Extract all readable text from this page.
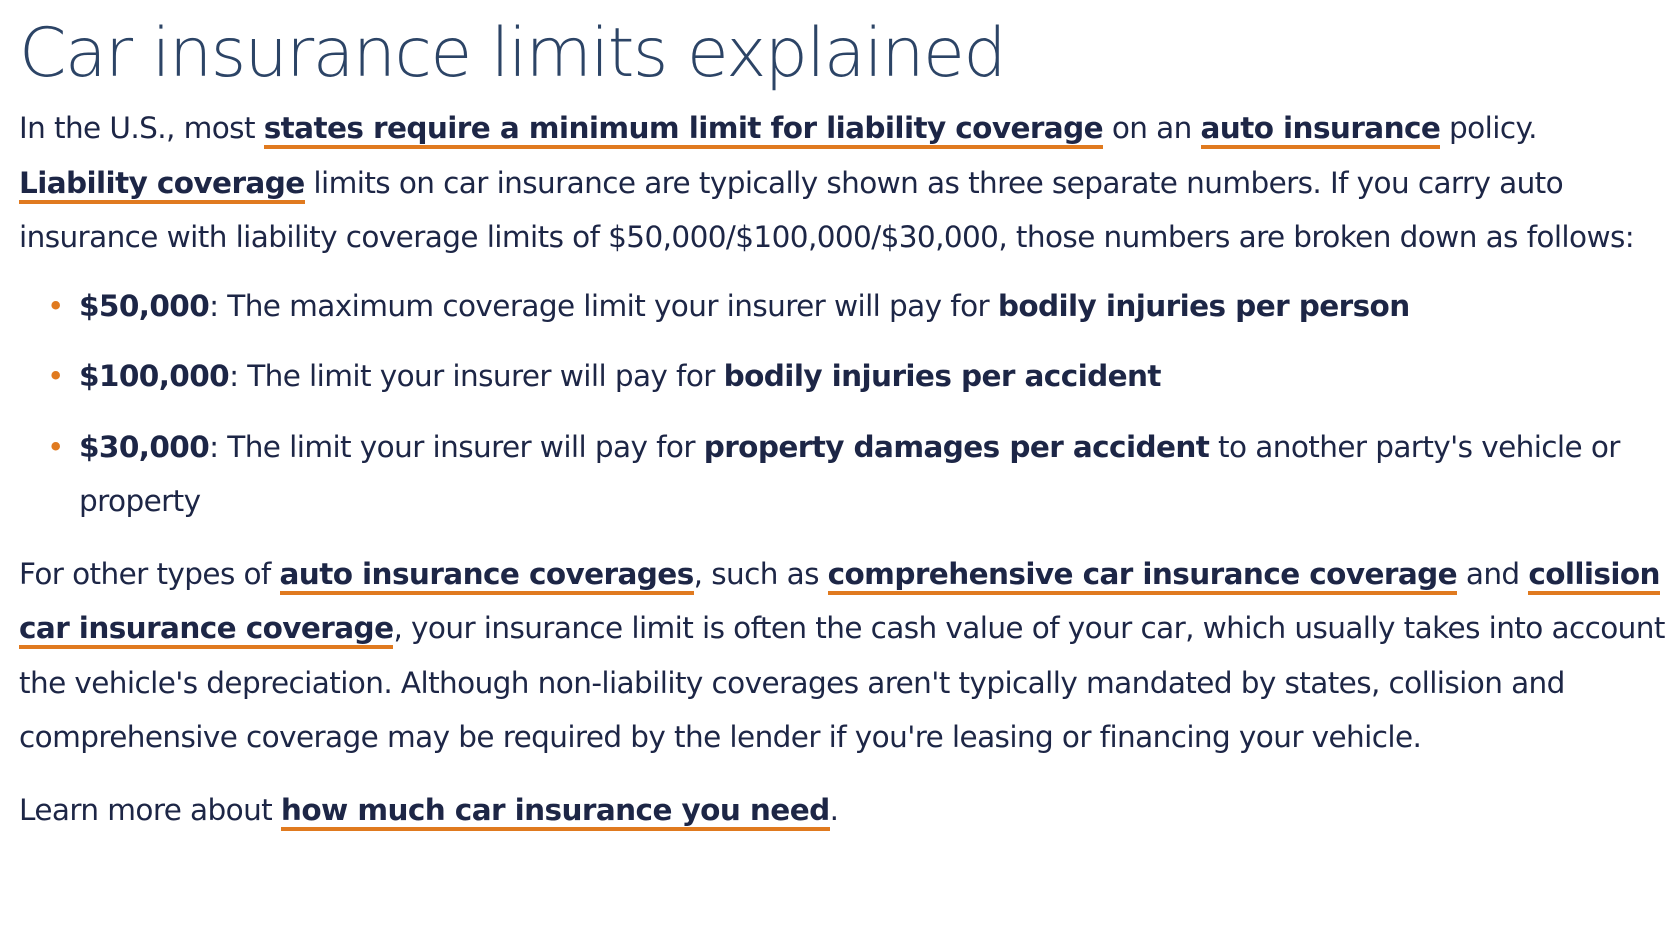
Car insurance limits explained

In the U.S., most states require a minimum limit for liability coverage on an auto insurance policy. Liability coverage limits on car insurance are typically shown as three separate numbers. If you carry auto insurance with liability coverage limits of $50,000/$100,000/$30,000, those numbers are broken down as follows:

• $50,000: The maximum coverage limit your insurer will pay for bodily injuries per person
• $100,000: The limit your insurer will pay for bodily injuries per accident
• $30,000: The limit your insurer will pay for property damages per accident to another party's vehicle or property

For other types of auto insurance coverages, such as comprehensive car insurance coverage and collision car insurance coverage, your insurance limit is often the cash value of your car, which usually takes into account the vehicle's depreciation. Although non-liability coverages aren't typically mandated by states, collision and comprehensive coverage may be required by the lender if you're leasing or financing your vehicle.

Learn more about how much car insurance you need.
